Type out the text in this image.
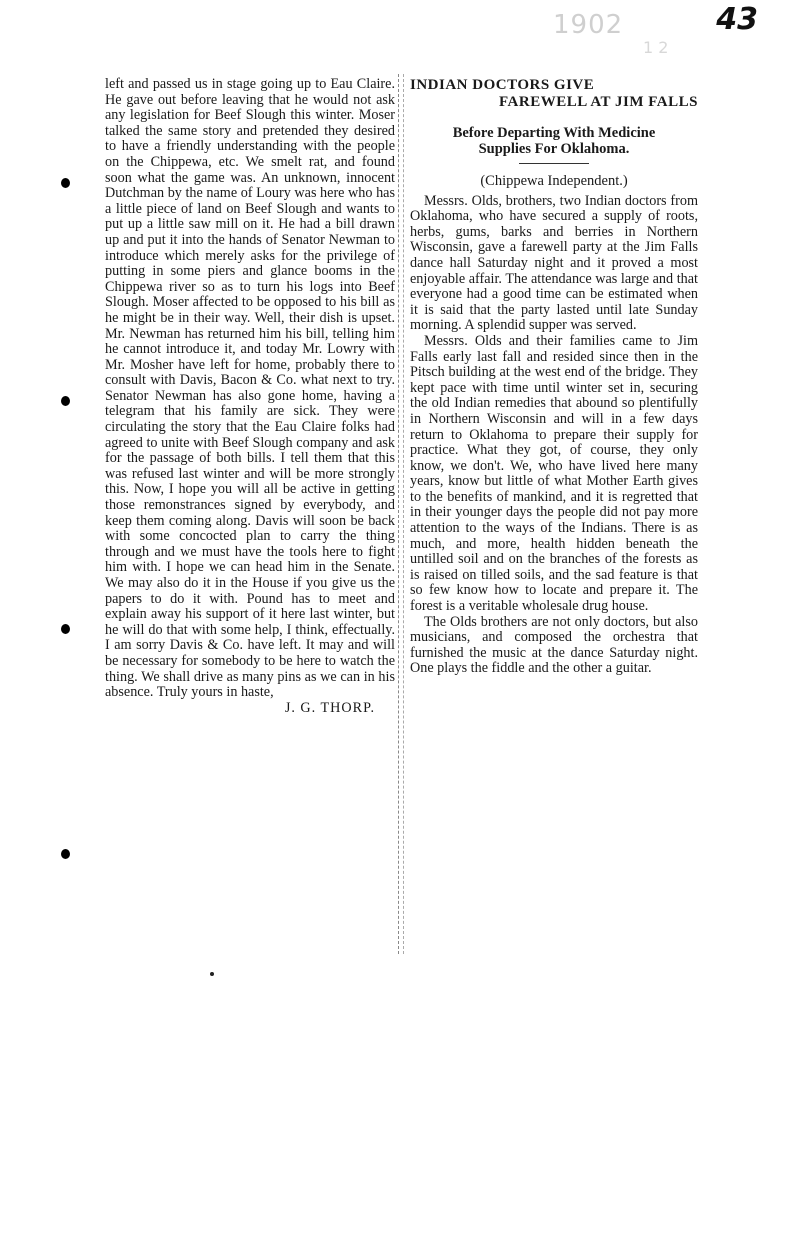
1902
1 2
43

left and passed us in stage going up to Eau Claire. He gave out before leaving that he would not ask any legislation for Beef Slough this winter. Moser talked the same story and pretended they desired to have a friendly understanding with the people on the Chippewa, etc. We smelt rat, and found soon what the game was. An unknown, innocent Dutchman by the name of Loury was here who has a little piece of land on Beef Slough and wants to put up a little saw mill on it. He had a bill drawn up and put it into the hands of Senator Newman to introduce which merely asks for the privilege of putting in some piers and glance booms in the Chippewa river so as to turn his logs into Beef Slough. Moser affected to be opposed to his bill as he might be in their way. Well, their dish is upset. Mr. Newman has returned him his bill, telling him he cannot introduce it, and today Mr. Lowry with Mr. Mosher have left for home, probably there to consult with Davis, Bacon & Co. what next to try. Senator Newman has also gone home, having a telegram that his family are sick. They were circulating the story that the Eau Claire folks had agreed to unite with Beef Slough company and ask for the passage of both bills. I tell them that this was refused last winter and will be more strongly this. Now, I hope you will all be active in getting those remonstrances signed by everybody, and keep them coming along. Davis will soon be back with some concocted plan to carry the thing through and we must have the tools here to fight him with. I hope we can head him in the Senate. We may also do it in the House if you give us the papers to do it with. Pound has to meet and explain away his support of it here last winter, but he will do that with some help, I think, effectually. I am sorry Davis & Co. have left. It may and will be necessary for somebody to be here to watch the thing. We shall drive as many pins as we can in his absence. Truly yours in haste,

J. G. THORP.

INDIAN DOCTORS GIVE

FAREWELL AT JIM FALLS

Before Departing With Medicine
Supplies For Oklahoma.

(Chippewa Independent.)

Messrs. Olds, brothers, two Indian doctors from Oklahoma, who have secured a supply of roots, herbs, gums, barks and berries in Northern Wisconsin, gave a farewell party at the Jim Falls dance hall Saturday night and it proved a most enjoyable affair. The attendance was large and that everyone had a good time can be estimated when it is said that the party lasted until late Sunday morning. A splendid supper was served.

Messrs. Olds and their families came to Jim Falls early last fall and resided since then in the Pitsch building at the west end of the bridge. They kept pace with time until winter set in, securing the old Indian remedies that abound so plentifully in Northern Wisconsin and will in a few days return to Oklahoma to prepare their supply for practice. What they got, of course, they only know, we don't. We, who have lived here many years, know but little of what Mother Earth gives to the benefits of mankind, and it is regretted that in their younger days the people did not pay more attention to the ways of the Indians. There is as much, and more, health hidden beneath the untilled soil and on the branches of the forests as is raised on tilled soils, and the sad feature is that so few know how to locate and prepare it. The forest is a veritable wholesale drug house.

The Olds brothers are not only doctors, but also musicians, and composed the orchestra that furnished the music at the dance Saturday night. One plays the fiddle and the other a guitar.
